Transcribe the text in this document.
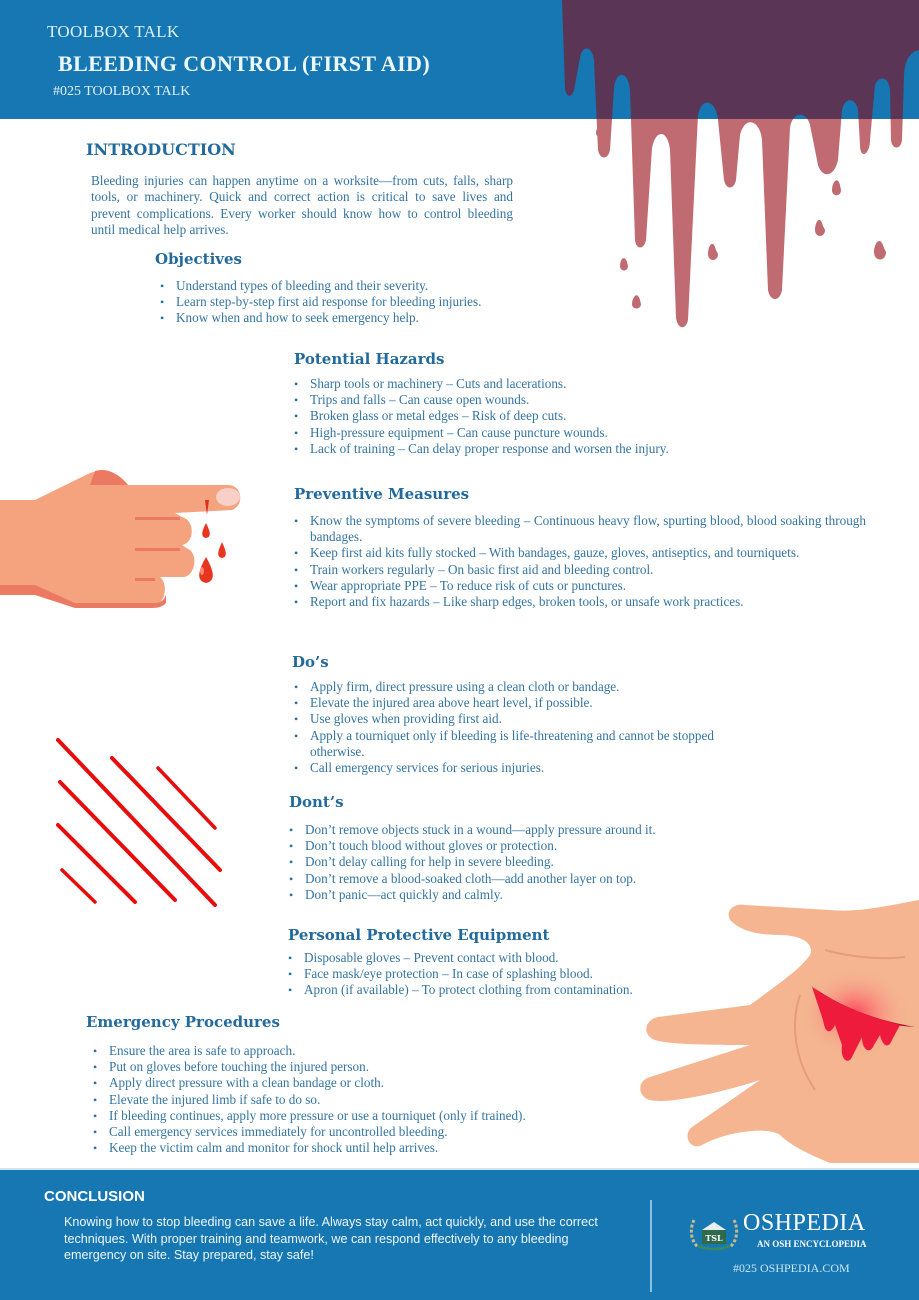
TOOLBOX TALK
BLEEDING CONTROL (FIRST AID)
#025 TOOLBOX TALK
INTRODUCTION

Bleeding injuries can happen anytime on a worksite—from cuts, falls, sharp tools, or machinery. Quick and correct action is critical to save lives and prevent complications. Every worker should know how to control bleeding until medical help arrives.

Objectives
• Understand types of bleeding and their severity.
• Learn step-by-step first aid response for bleeding injuries.
• Know when and how to seek emergency help.
Potential Hazards
• Sharp tools or machinery – Cuts and lacerations.
• Trips and falls – Can cause open wounds.
• Broken glass or metal edges – Risk of deep cuts.
• High-pressure equipment – Can cause puncture wounds.
• Lack of training – Can delay proper response and worsen the injury.
Preventive Measures
• Know the symptoms of severe bleeding – Continuous heavy flow, spurting blood, blood soaking through bandages.
• Keep first aid kits fully stocked – With bandages, gauze, gloves, antiseptics, and tourniquets.
• Train workers regularly – On basic first aid and bleeding control.
• Wear appropriate PPE – To reduce risk of cuts or punctures.
• Report and fix hazards – Like sharp edges, broken tools, or unsafe work practices.
Do’s
• Apply firm, direct pressure using a clean cloth or bandage.
• Elevate the injured area above heart level, if possible.
• Use gloves when providing first aid.
• Apply a tourniquet only if bleeding is life-threatening and cannot be stopped otherwise.
• Call emergency services for serious injuries.
Dont’s
• Don’t remove objects stuck in a wound—apply pressure around it.
• Don’t touch blood without gloves or protection.
• Don’t delay calling for help in severe bleeding.
• Don’t remove a blood-soaked cloth—add another layer on top.
• Don’t panic—act quickly and calmly.
Personal Protective Equipment
• Disposable gloves – Prevent contact with blood.
• Face mask/eye protection – In case of splashing blood.
• Apron (if available) – To protect clothing from contamination.
Emergency Procedures
• Ensure the area is safe to approach.
• Put on gloves before touching the injured person.
• Apply direct pressure with a clean bandage or cloth.
• Elevate the injured limb if safe to do so.
• If bleeding continues, apply more pressure or use a tourniquet (only if trained).
• Call emergency services immediately for uncontrolled bleeding.
• Keep the victim calm and monitor for shock until help arrives.
CONCLUSION

Knowing how to stop bleeding can save a life. Always stay calm, act quickly, and use the correct techniques. With proper training and teamwork, we can respond effectively to any bleeding emergency on site. Stay prepared, stay safe!

TSL
OSHPEDIA
AN OSH ENCYCLOPEDIA
#025 OSHPEDIA.COM
